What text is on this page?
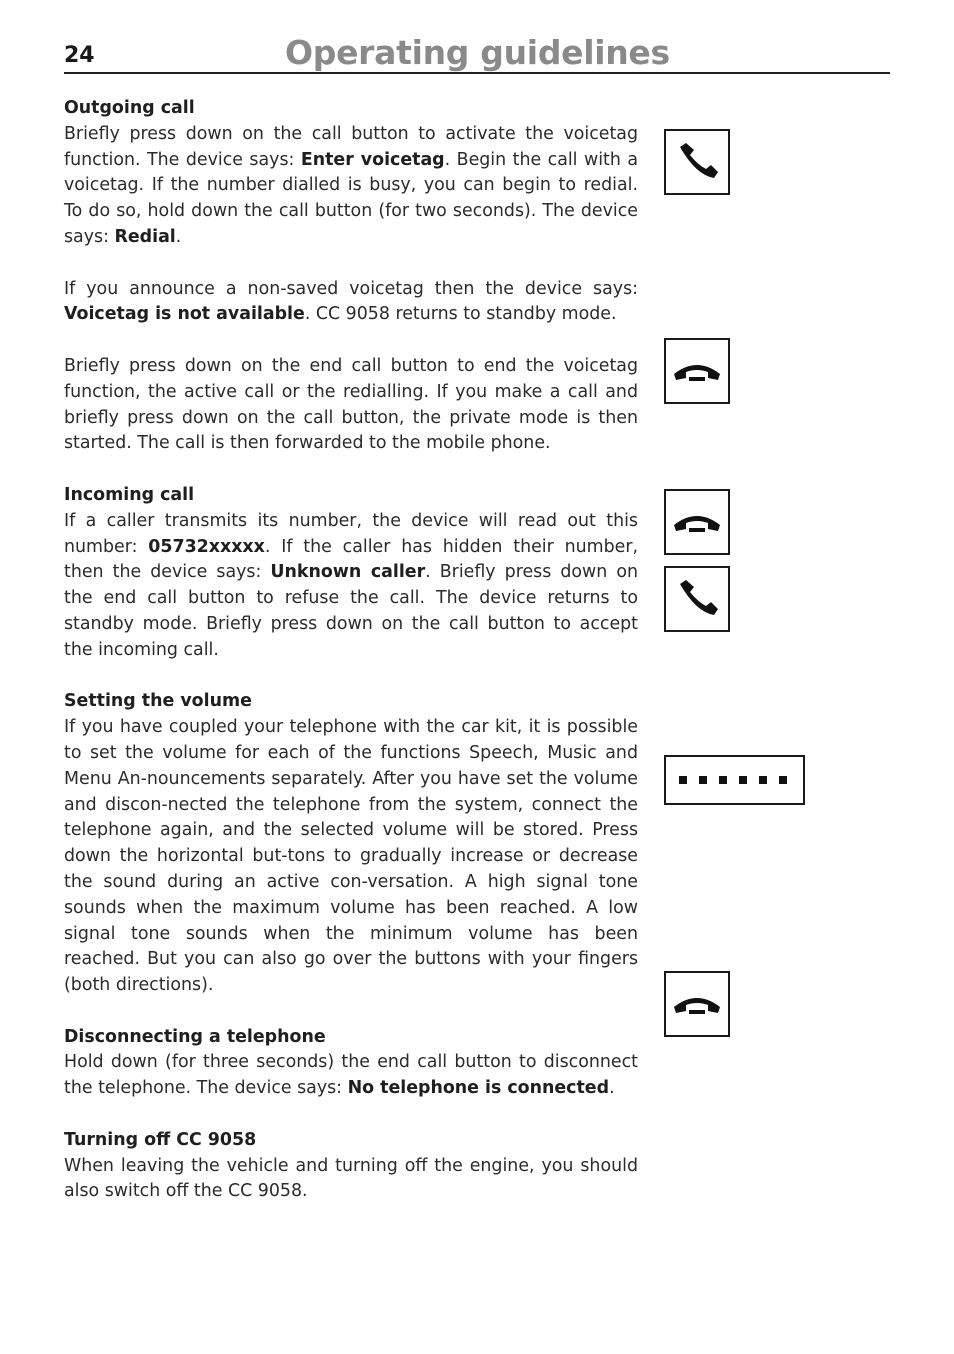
24	Operating guidelines
Outgoing call

Briefly press down on the call button to activate the voicetag function. The device says: Enter voicetag. Begin the call with a voicetag. If the number dialled is busy, you can begin to redial. To do so, hold down the call button (for two seconds). The device says: Redial.

If you announce a non-saved voicetag then the device says: Voicetag is not available. CC 9058 returns to standby mode.

Briefly press down on the end call button to end the voicetag function, the active call or the redialling. If you make a call and briefly press down on the call button, the private mode is then started. The call is then forwarded to the mobile phone.

Incoming call

If a caller transmits its number, the device will read out this number: 05732xxxxx. If the caller has hidden their number, then the device says: Unknown caller. Briefly press down on the end call button to refuse the call. The device returns to standby mode. Briefly press down on the call button to accept the incoming call.

Setting the volume

If you have coupled your telephone with the car kit, it is possible to set the volume for each of the functions Speech, Music and Menu An-nouncements separately. After you have set the volume and discon-nected the telephone from the system, connect the telephone again, and the selected volume will be stored. Press down the horizontal but-tons to gradually increase or decrease the sound during an active con-versation. A high signal tone sounds when the maximum volume has been reached. A low signal tone sounds when the minimum volume has been reached. But you can also go over the buttons with your fingers (both directions).

Disconnecting a telephone

Hold down (for three seconds) the end call button to disconnect the telephone. The device says: No telephone is connected.

Turning off CC 9058

When leaving the vehicle and turning off the engine, you should also switch off the CC 9058.
